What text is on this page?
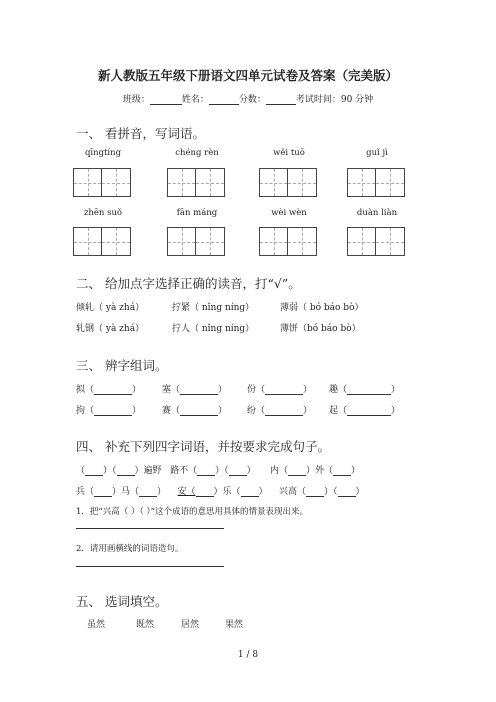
新人教版五年级下册语文四单元试卷及答案（完美版）
班级：	姓名：	分数：	考试时间：90 分钟
一、 看拼音，写词语。
qīngtíng	chéng rèn	wěi tuō	guǐ jì
zhēn suǒ	fān máng	wèi wèn	duàn liàn
二、 给加点字选择正确的读音，打“√”。
倾轧（ yà zhá）	拧紧（ nǐng níng）	薄弱（ bó báo bò）
轧钢（ yà zhá）	拧人（ nǐng níng）	薄饼（bó báo bò）
三、 辨字组词。
拟（	） 塞（	） 份（	） 趣（	）
拘（	） 赛（	） 纷（	） 起（	）
四、 补充下列四字词语，并按要求完成句子。
（ ）（ ）遍野 路不（ ）（ ） 内（ ）外（ ）
兵（ ）马（ ） 安（ ）乐（ ） 兴高（ ）（ ）
1．把“兴高（ ）（ ）”这个成语的意思用具体的情景表现出来。
2．请用画横线的词语造句。
五、 选词填空。
虽然	既然	居然	果然
1 / 8
